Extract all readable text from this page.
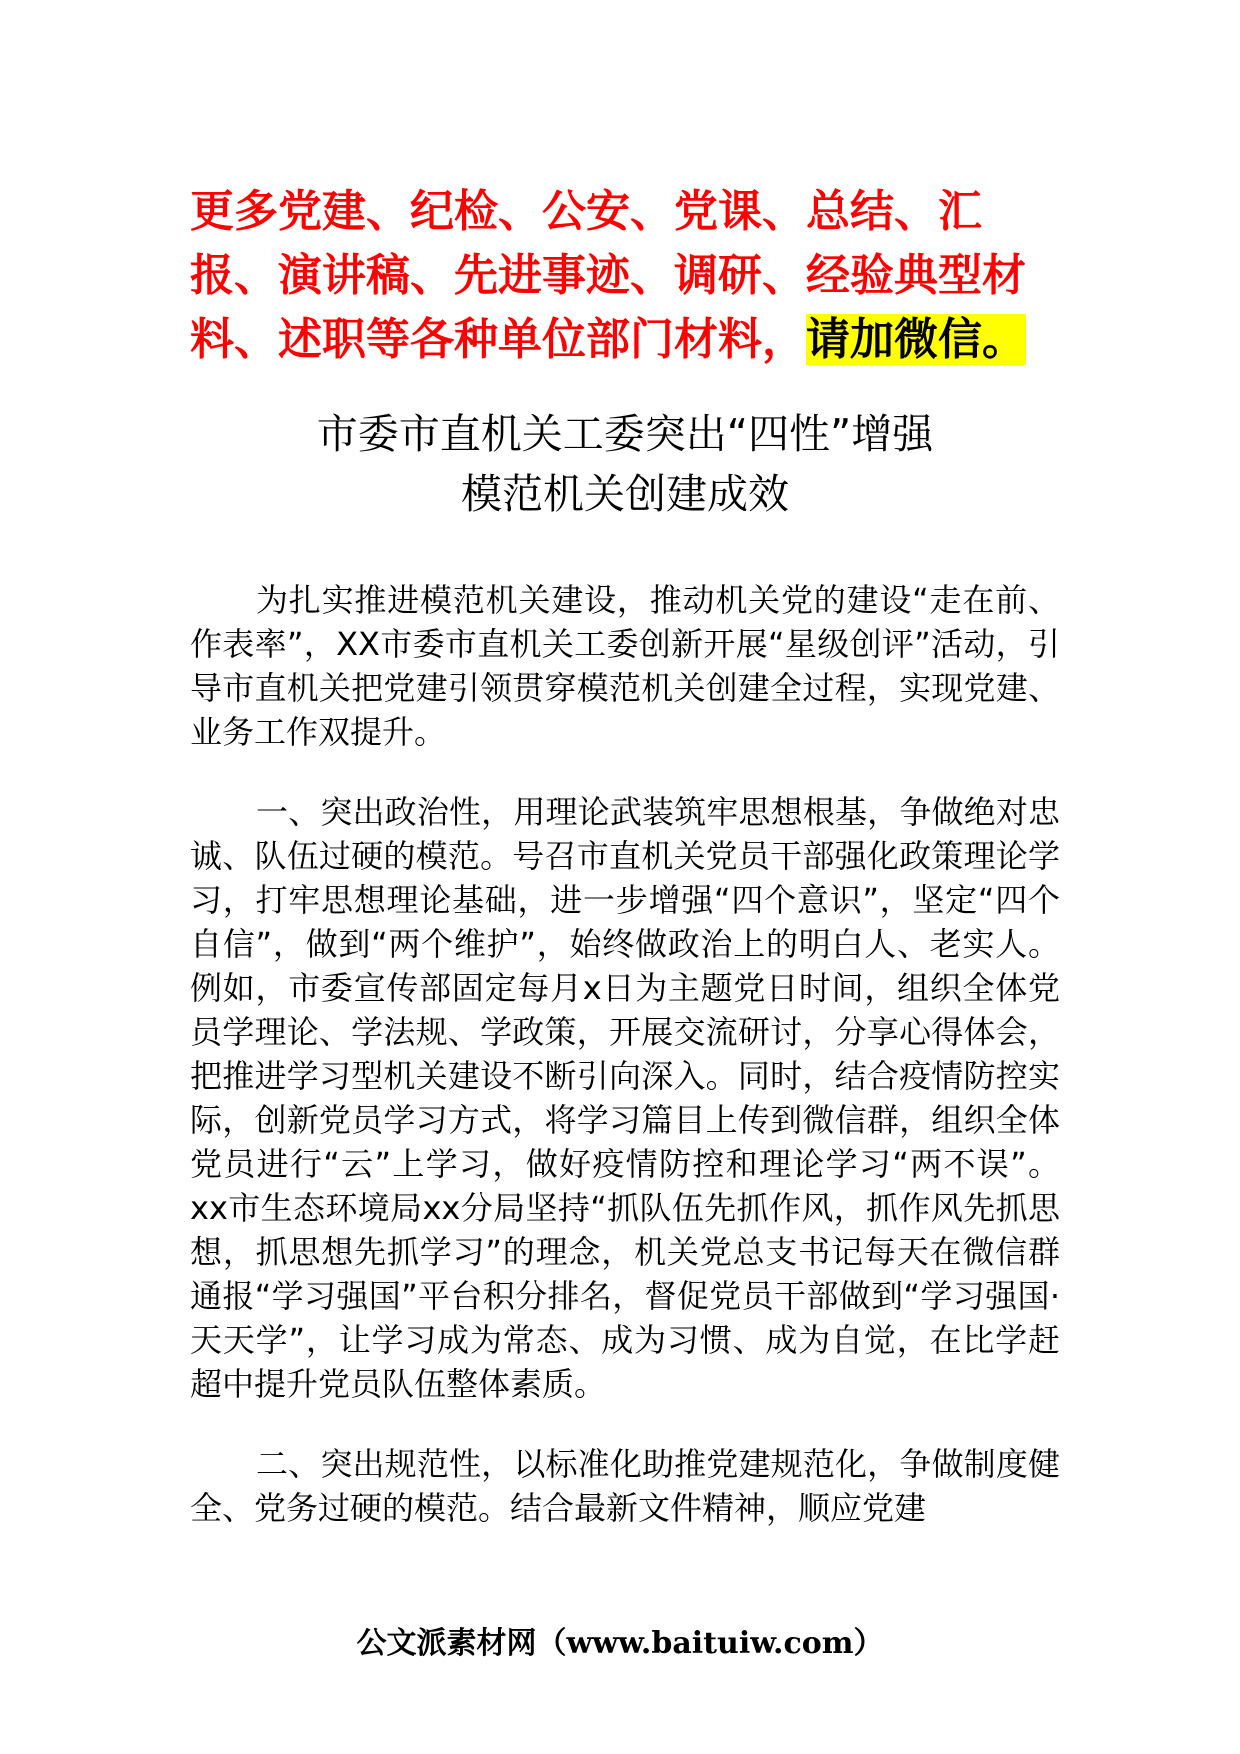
更多党建、纪检、公安、党课、总结、汇报、演讲稿、先进事迹、调研、经验典型材料、述职等各种单位部门材料，请加微信。

市委市直机关工委突出“四性”增强
模范机关创建成效

为扎实推进模范机关建设，推动机关党的建设“走在前、作表率”，XX市委市直机关工委创新开展“星级创评”活动，引导市直机关把党建引领贯穿模范机关创建全过程，实现党建、业务工作双提升。

一、突出政治性，用理论武装筑牢思想根基，争做绝对忠诚、队伍过硬的模范。号召市直机关党员干部强化政策理论学习，打牢思想理论基础，进一步增强“四个意识”，坚定“四个自信”，做到“两个维护”，始终做政治上的明白人、老实人。例如，市委宣传部固定每月x日为主题党日时间，组织全体党员学理论、学法规、学政策，开展交流研讨，分享心得体会，把推进学习型机关建设不断引向深入。同时，结合疫情防控实际，创新党员学习方式，将学习篇目上传到微信群，组织全体党员进行“云”上学习，做好疫情防控和理论学习“两不误”。xx市生态环境局xx分局坚持“抓队伍先抓作风，抓作风先抓思想，抓思想先抓学习”的理念，机关党总支书记每天在微信群通报“学习强国”平台积分排名，督促党员干部做到“学习强国·天天学”，让学习成为常态、成为习惯、成为自觉，在比学赶超中提升党员队伍整体素质。

二、突出规范性，以标准化助推党建规范化，争做制度健全、党务过硬的模范。结合最新文件精神，顺应党建

公文派素材网（www.baituiw.com）
